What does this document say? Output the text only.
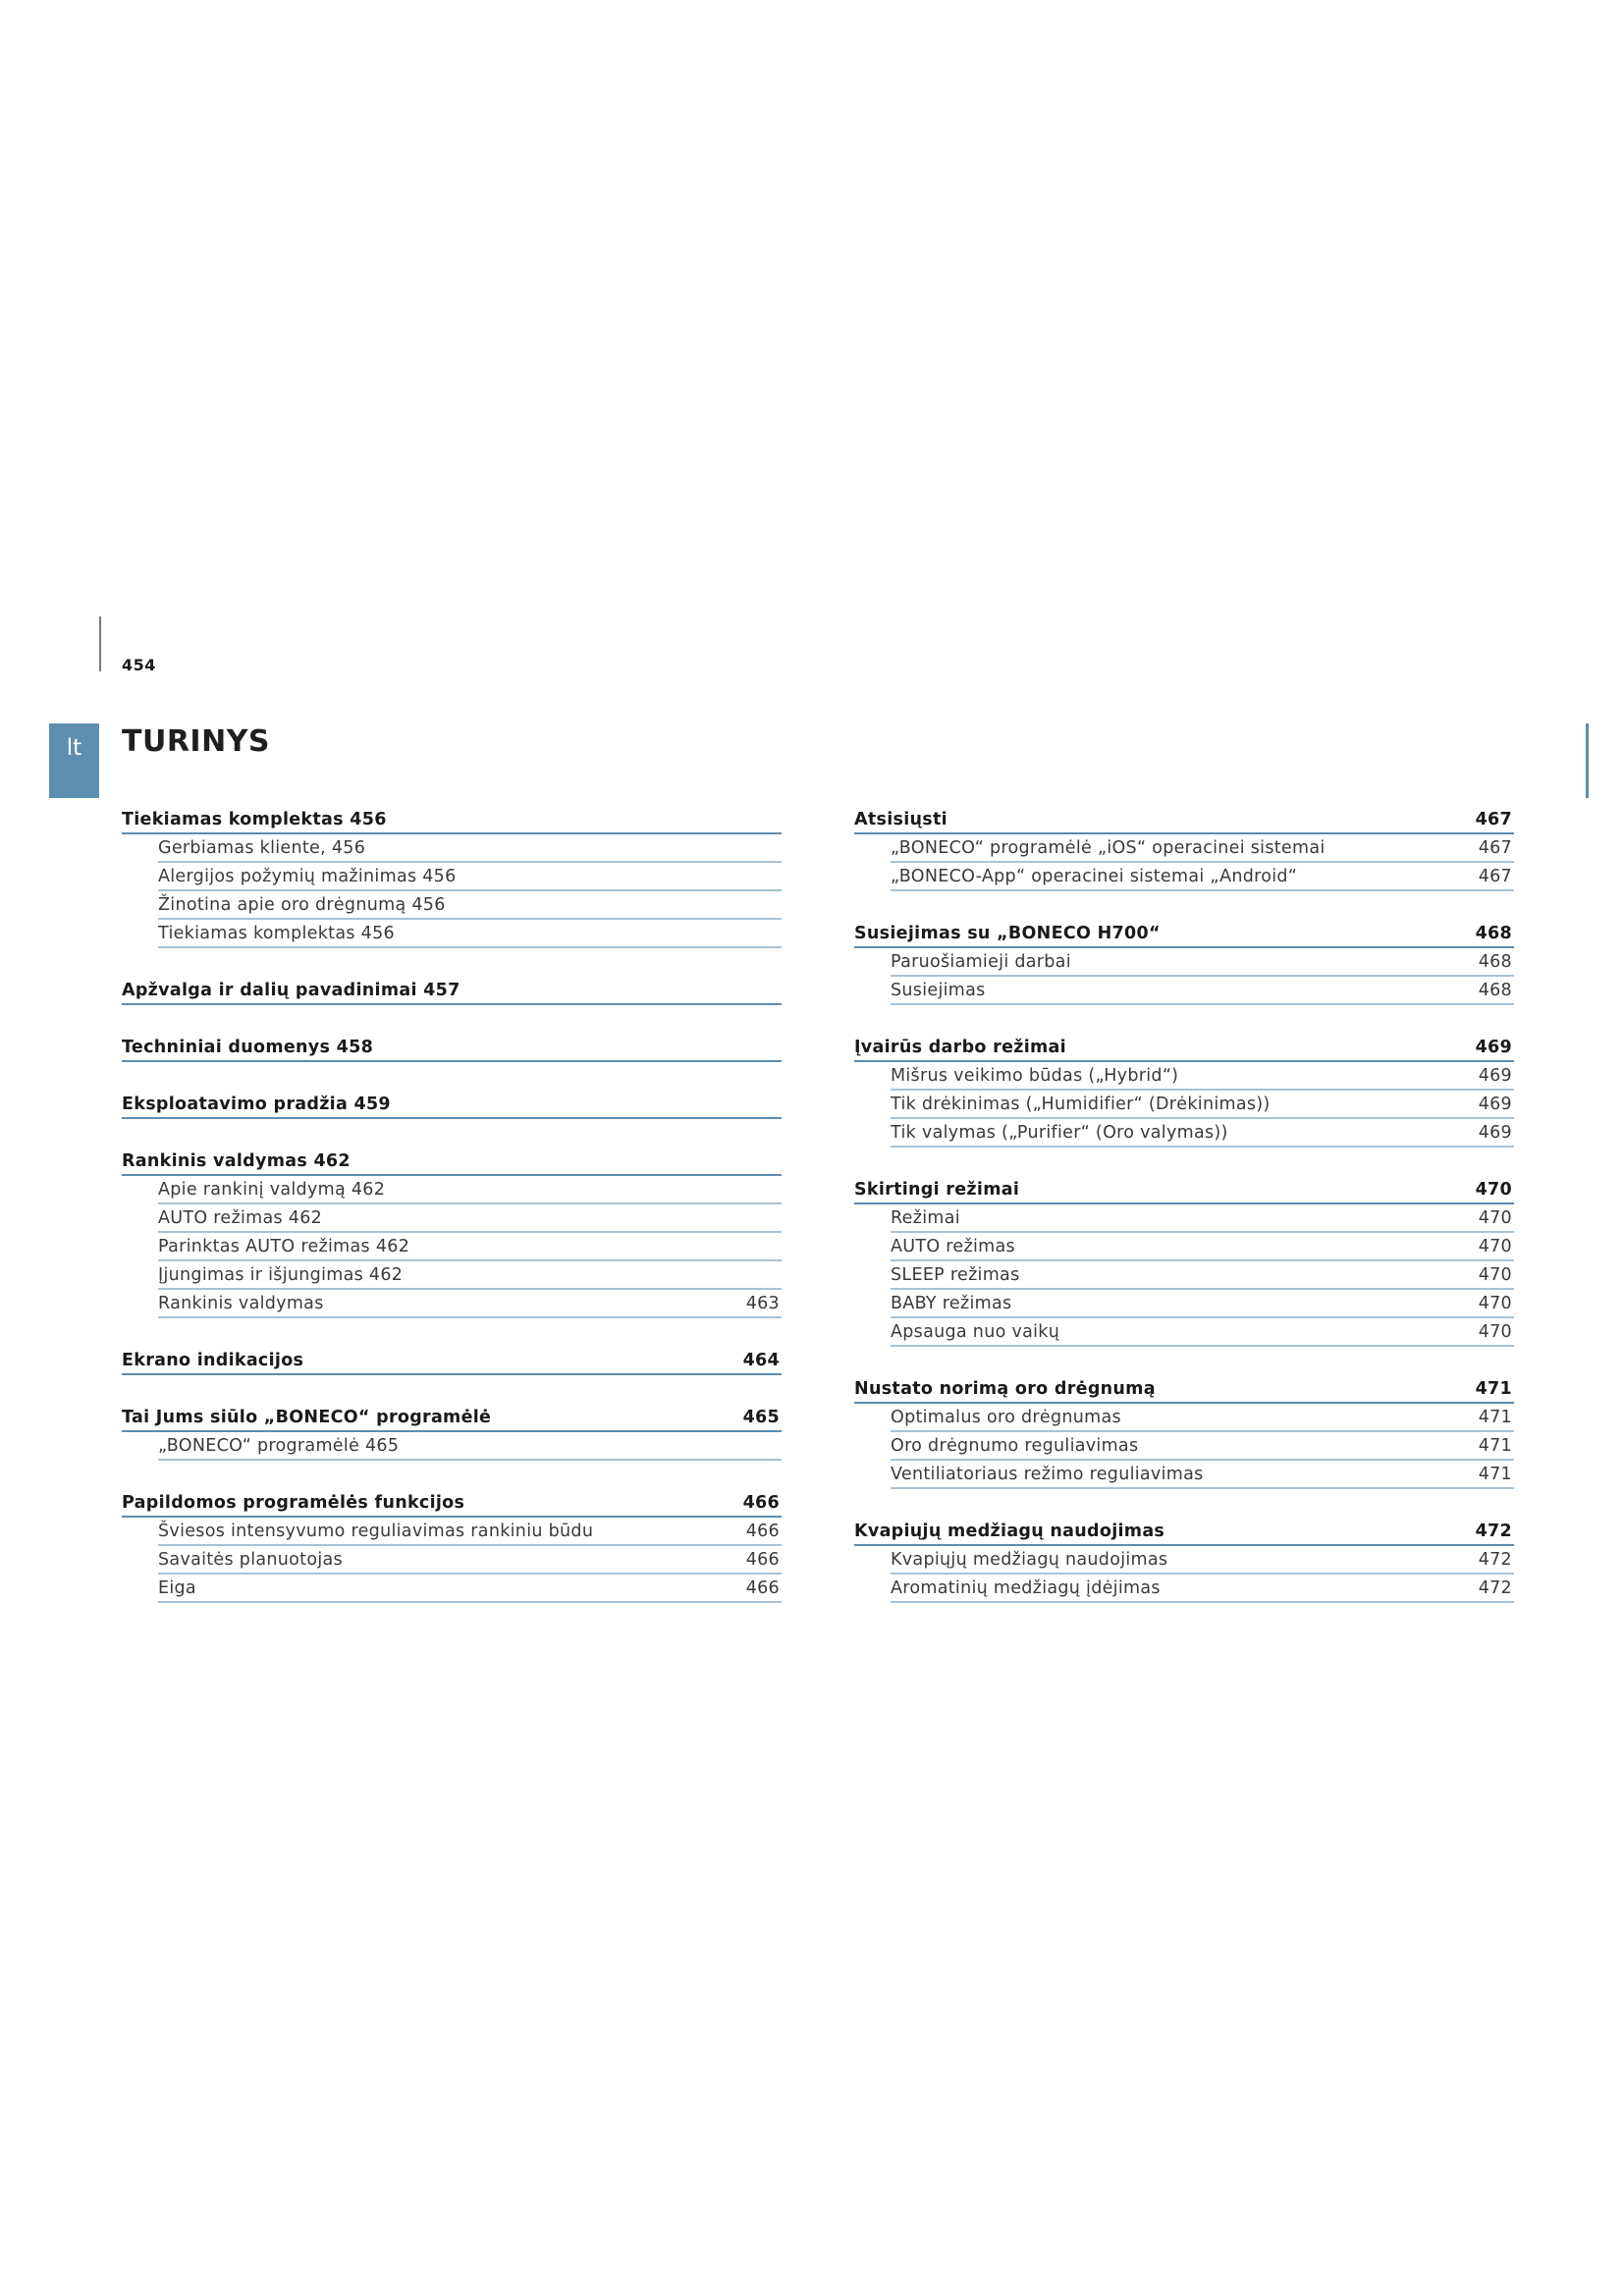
454
lt	TURINYS
Tiekiamas komplektas 456
Gerbiamas kliente, 456
Alergijos požymių mažinimas 456
Žinotina apie oro drėgnumą 456
Tiekiamas komplektas 456
Apžvalga ir dalių pavadinimai 457
Techniniai duomenys 458
Eksploatavimo pradžia 459
Rankinis valdymas 462
Apie rankinį valdymą 462
AUTO režimas 462
Parinktas AUTO režimas 462
Įjungimas ir išjungimas 462
Rankinis valdymas	463
Ekrano indikacijos	464
Tai Jums siūlo „BONECO“ programėlė	465
„BONECO“ programėlė 465
Papildomos programėlės funkcijos	466
Šviesos intensyvumo reguliavimas rankiniu būdu	466
Savaitės planuotojas	466
Eiga	466
Atsisiųsti	467
„BONECO“ programėlė „iOS“ operacinei sistemai	467
„BONECO-App“ operacinei sistemai „Android“	467
Susiejimas su „BONECO H700“	468
Paruošiamieji darbai	468
Susiejimas	468
Įvairūs darbo režimai	469
Mišrus veikimo būdas („Hybrid“)	469
Tik drėkinimas („Humidifier“ (Drėkinimas))	469
Tik valymas („Purifier“ (Oro valymas))	469
Skirtingi režimai	470
Režimai	470
AUTO režimas	470
SLEEP režimas	470
BABY režimas	470
Apsauga nuo vaikų	470
Nustato norimą oro drėgnumą	471
Optimalus oro drėgnumas	471
Oro drėgnumo reguliavimas	471
Ventiliatoriaus režimo reguliavimas	471
Kvapiųjų medžiagų naudojimas	472
Kvapiųjų medžiagų naudojimas	472
Aromatinių medžiagų įdėjimas	472
